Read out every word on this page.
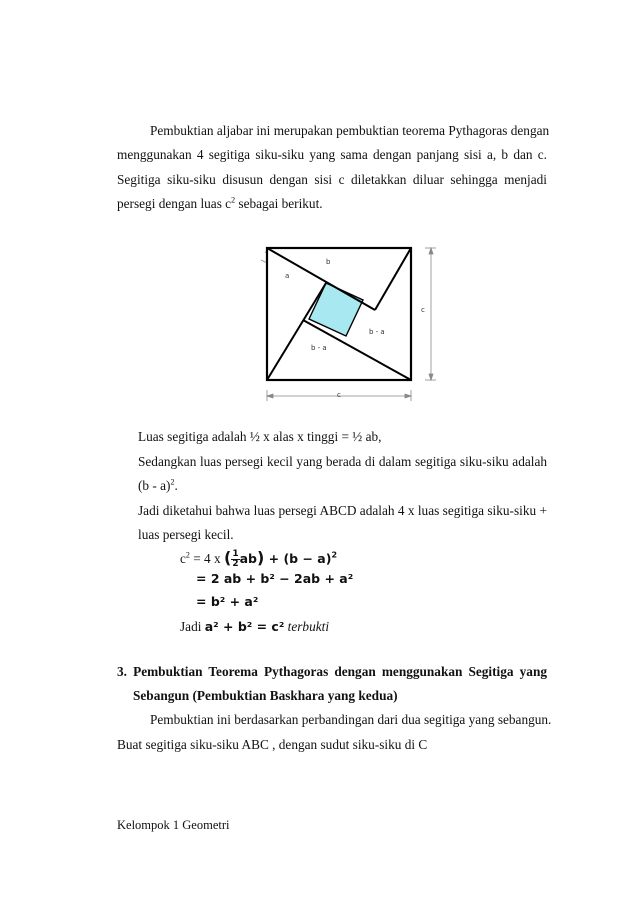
Pembuktian aljabar ini merupakan pembuktian teorema Pythagoras dengan
menggunakan 4 segitiga siku-siku yang sama dengan panjang sisi a, b dan c.
Segitiga siku-siku disusun dengan sisi c diletakkan diluar sehingga menjadi
persegi dengan luas $c^2$ sebagai berikut.
b
a
c
c
b - a
b - a
Luas segitiga adalah ½ x alas x tinggi = ½ ab,
Sedangkan luas persegi kecil yang berada di dalam segitiga siku-siku adalah
(b - a)$^2$.
Jadi diketahui bahwa luas persegi ABCD adalah 4 x luas segitiga siku-siku +
luas persegi kecil.
$c^2 = 4$ x ( $\frac{1}{2} ab) + (b - a)^2$
= 2 ab + b² − 2ab + a²
= b² + a²
Jadi a² + b² = c² terbukti
3. Pembuktian Teorema Pythagoras dengan menggunakan Segitiga yang
Sebangun (Pembuktian Baskhara yang kedua)
Pembuktian ini berdasarkan perbandingan dari dua segitiga yang sebangun.
Buat segitiga siku-siku ABC , dengan sudut siku-siku di C
Kelompok 1 Geometri
